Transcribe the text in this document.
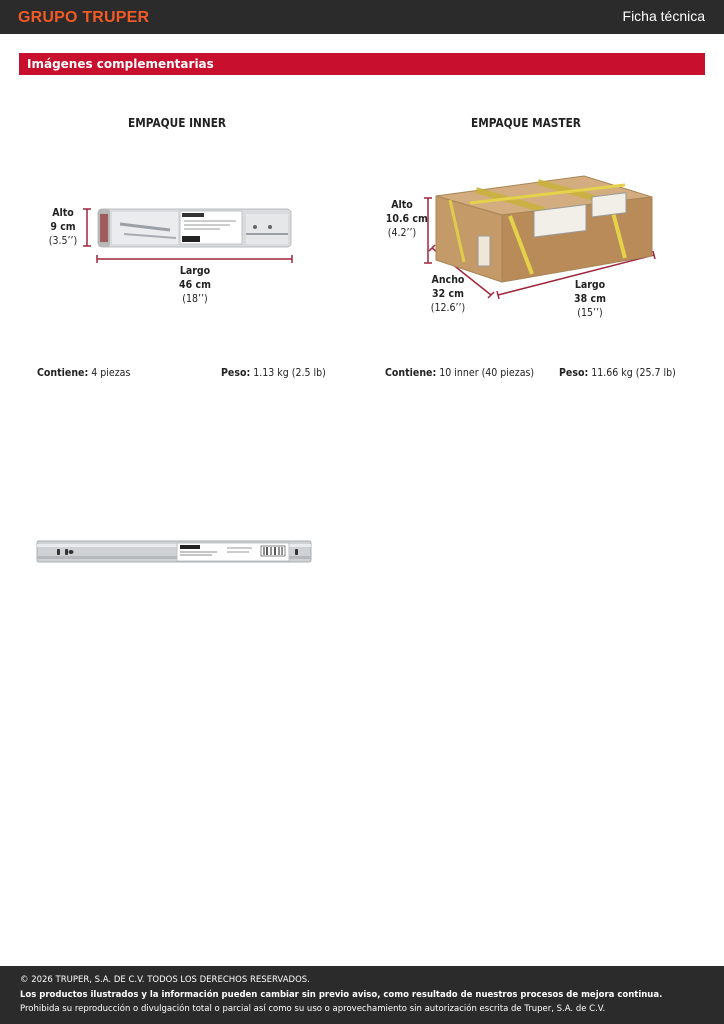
GRUPO TRUPER	Ficha técnica
Imágenes complementarias
EMPAQUE INNER
Alto
9 cm
(3.5’’)
Largo
46 cm
(18’’)
Contiene: 4 piezas	Peso: 1.13 kg (2.5 lb)
EMPAQUE MASTER
Alto
10.6 cm
(4.2’’)
Ancho
32 cm
(12.6’’)
Largo
38 cm
(15’’)
Contiene: 10 inner (40 piezas) Peso: 11.66 kg (25.7 lb)

© 2026 TRUPER, S.A. DE C.V. TODOS LOS DERECHOS RESERVADOS.

Los productos ilustrados y la información pueden cambiar sin previo aviso, como resultado de nuestros procesos de mejora continua.

Prohibida su reproducción o divulgación total o parcial así como su uso o aprovechamiento sin autorización escrita de Truper, S.A. de C.V.
